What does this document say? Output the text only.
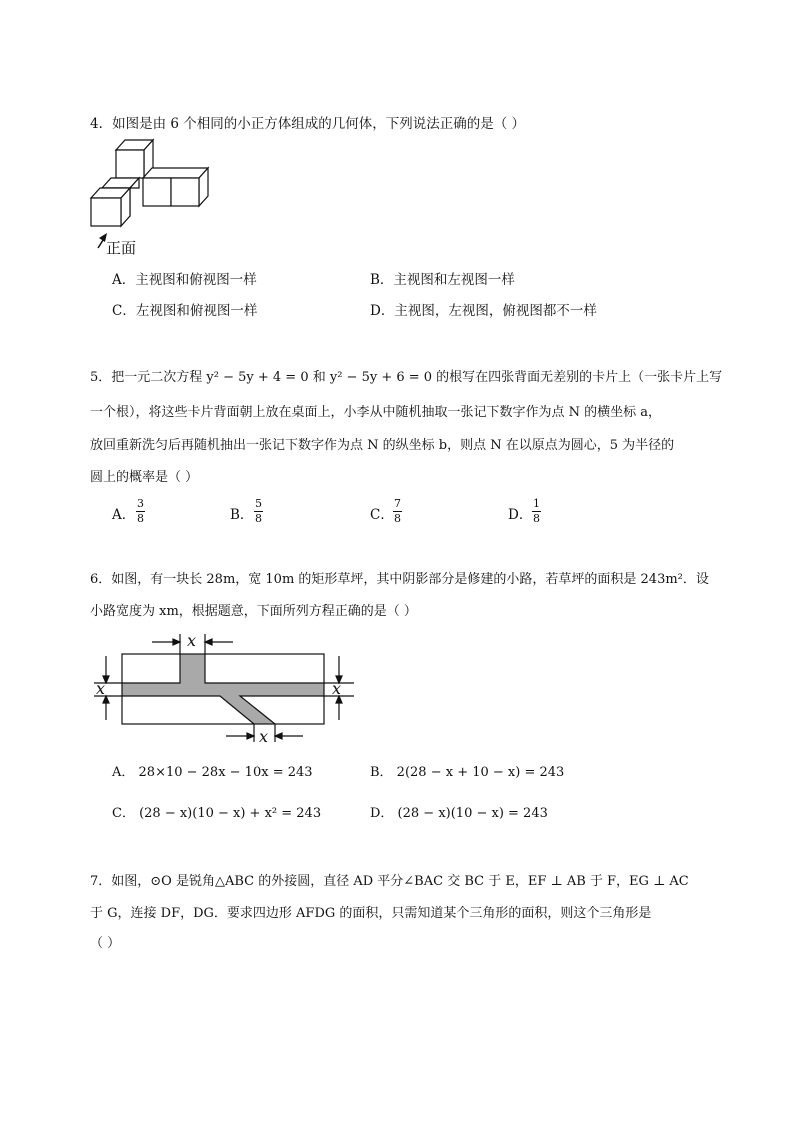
4．如图是由 6 个相同的小正方体组成的几何体，下列说法正确的是（ ）
正面
A．主视图和俯视图一样	B．主视图和左视图一样
C．左视图和俯视图一样	D．主视图，左视图，俯视图都不一样
5．把一元二次方程 y² − 5y + 4 = 0 和 y² − 5y + 6 = 0 的根写在四张背面无差别的卡片上（一张卡片上写
一个根），将这些卡片背面朝上放在桌面上，小李从中随机抽取一张记下数字作为点 N 的横坐标 a，
放回重新洗匀后再随机抽出一张记下数字作为点 N 的纵坐标 b，则点 N 在以原点为圆心，5 为半径的
圆上的概率是（ ）
A．
3
8	B．
5
8	C．
7
8	D．
1
8
6．如图，有一块长 28m，宽 10m 的矩形草坪，其中阴影部分是修建的小路，若草坪的面积是 243m²．设
小路宽度为 xm，根据题意，下面所列方程正确的是（ ）
x
x	x
x
A． 28×10 − 28x − 10x = 243	B． 2(28 − x + 10 − x) = 243
C． (28 − x)(10 − x) + x² = 243	D． (28 − x)(10 − x) = 243
7．如图，⊙O 是锐角△ABC 的外接圆，直径 AD 平分∠BAC 交 BC 于 E，EF ⊥ AB 于 F，EG ⊥ AC
于 G，连接 DF，DG．要求四边形 AFDG 的面积，只需知道某个三角形的面积，则这个三角形是
（ ）
